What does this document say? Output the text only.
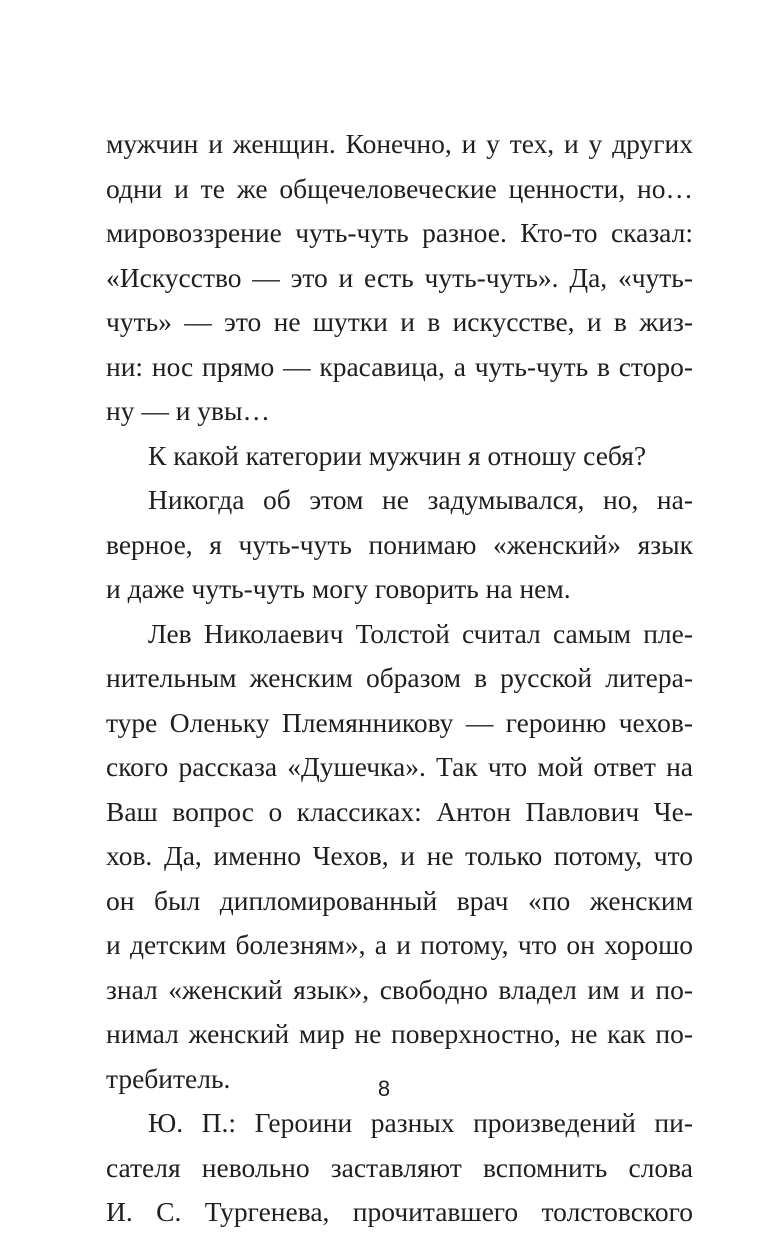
мужчин и женщин. Конечно, и у тех, и у других
одни и те же общечеловеческие ценности, но…
мировоззрение чуть-чуть разное. Кто-то сказал:
«Искусство — это и есть чуть-чуть». Да, «чуть-
чуть» — это не шутки и в искусстве, и в жиз-
ни: нос прямо — красавица, а чуть-чуть в сторо-
ну — и увы…
К какой категории мужчин я отношу себя?
Никогда об этом не задумывался, но, на-
верное, я чуть-чуть понимаю «женский» язык
и даже чуть-чуть могу говорить на нем.
Лев Николаевич Толстой считал самым пле-
нительным женским образом в русской литера-
туре Оленьку Племянникову — героиню чехов-
ского рассказа «Душечка». Так что мой ответ на
Ваш вопрос о классиках: Антон Павлович Че-
хов. Да, именно Чехов, и не только потому, что
он был дипломированный врач «по женским
и детским болезням», а и потому, что он хорошо
знал «женский язык», свободно владел им и по-
нимал женский мир не поверхностно, не как по-
требитель.
Ю. П.: Героини разных произведений пи-
сателя невольно заставляют вспомнить слова
И. С. Тургенева, прочитавшего толстовского
8
